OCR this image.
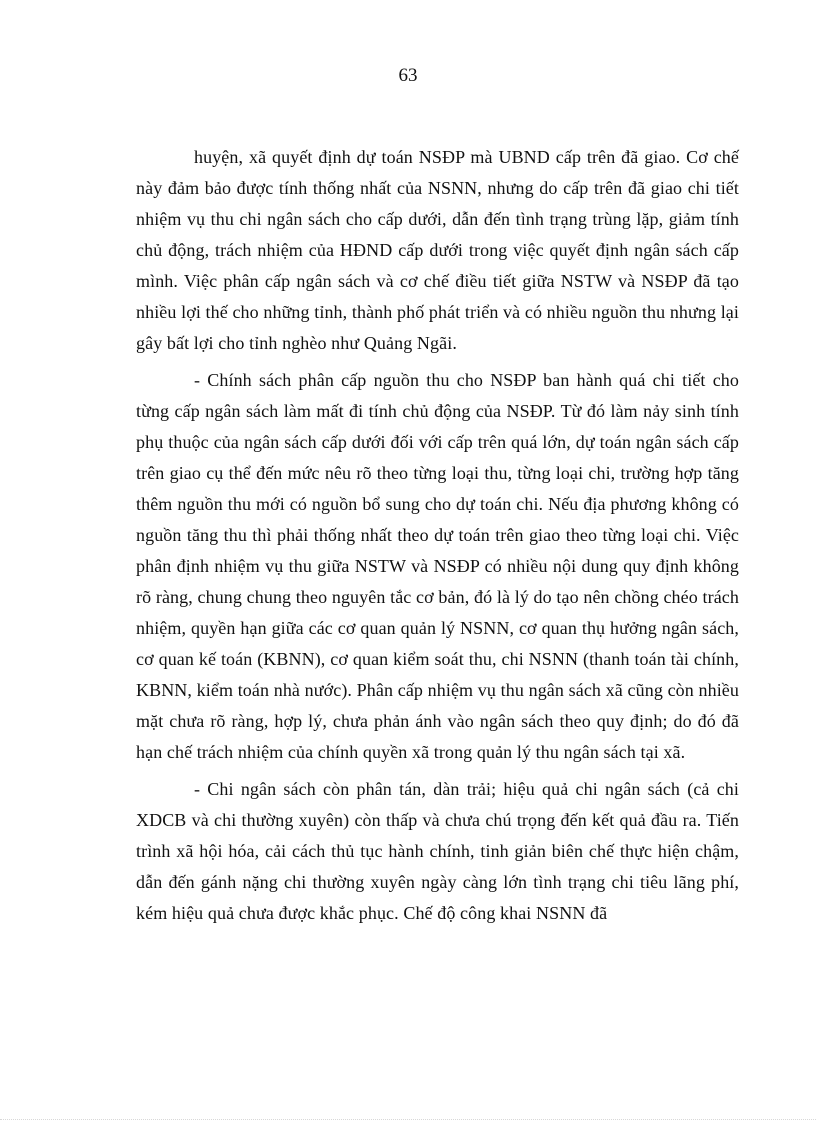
63

huyện, xã quyết định dự toán NSĐP mà UBND cấp trên đã giao. Cơ chế này đảm bảo được tính thống nhất của NSNN, nhưng do cấp trên đã giao chi tiết nhiệm vụ thu chi ngân sách cho cấp dưới, dẫn đến tình trạng trùng lặp, giảm tính chủ động, trách nhiệm của HĐND cấp dưới trong việc quyết định ngân sách cấp mình. Việc phân cấp ngân sách và cơ chế điều tiết giữa NSTW và NSĐP đã tạo nhiều lợi thế cho những tỉnh, thành phố phát triển và có nhiều nguồn thu nhưng lại gây bất lợi cho tỉnh nghèo như Quảng Ngãi.

- Chính sách phân cấp nguồn thu cho NSĐP ban hành quá chi tiết cho từng cấp ngân sách làm mất đi tính chủ động của NSĐP. Từ đó làm nảy sinh tính phụ thuộc của ngân sách cấp dưới đối với cấp trên quá lớn, dự toán ngân sách cấp trên giao cụ thể đến mức nêu rõ theo từng loại thu, từng loại chi, trường hợp tăng thêm nguồn thu mới có nguồn bổ sung cho dự toán chi. Nếu địa phương không có nguồn tăng thu thì phải thống nhất theo dự toán trên giao theo từng loại chi. Việc phân định nhiệm vụ thu giữa NSTW và NSĐP có nhiều nội dung quy định không rõ ràng, chung chung theo nguyên tắc cơ bản, đó là lý do tạo nên chồng chéo trách nhiệm, quyền hạn giữa các cơ quan quản lý NSNN, cơ quan thụ hưởng ngân sách, cơ quan kế toán (KBNN), cơ quan kiểm soát thu, chi NSNN (thanh toán tài chính, KBNN, kiểm toán nhà nước). Phân cấp nhiệm vụ thu ngân sách xã cũng còn nhiều mặt chưa rõ ràng, hợp lý, chưa phản ánh vào ngân sách theo quy định; do đó đã hạn chế trách nhiệm của chính quyền xã trong quản lý thu ngân sách tại xã.

- Chi ngân sách còn phân tán, dàn trải; hiệu quả chi ngân sách (cả chi XDCB và chi thường xuyên) còn thấp và chưa chú trọng đến kết quả đầu ra. Tiến trình xã hội hóa, cải cách thủ tục hành chính, tinh giản biên chế thực hiện chậm, dẫn đến gánh nặng chi thường xuyên ngày càng lớn tình trạng chi tiêu lãng phí, kém hiệu quả chưa được khắc phục. Chế độ công khai NSNN đã
